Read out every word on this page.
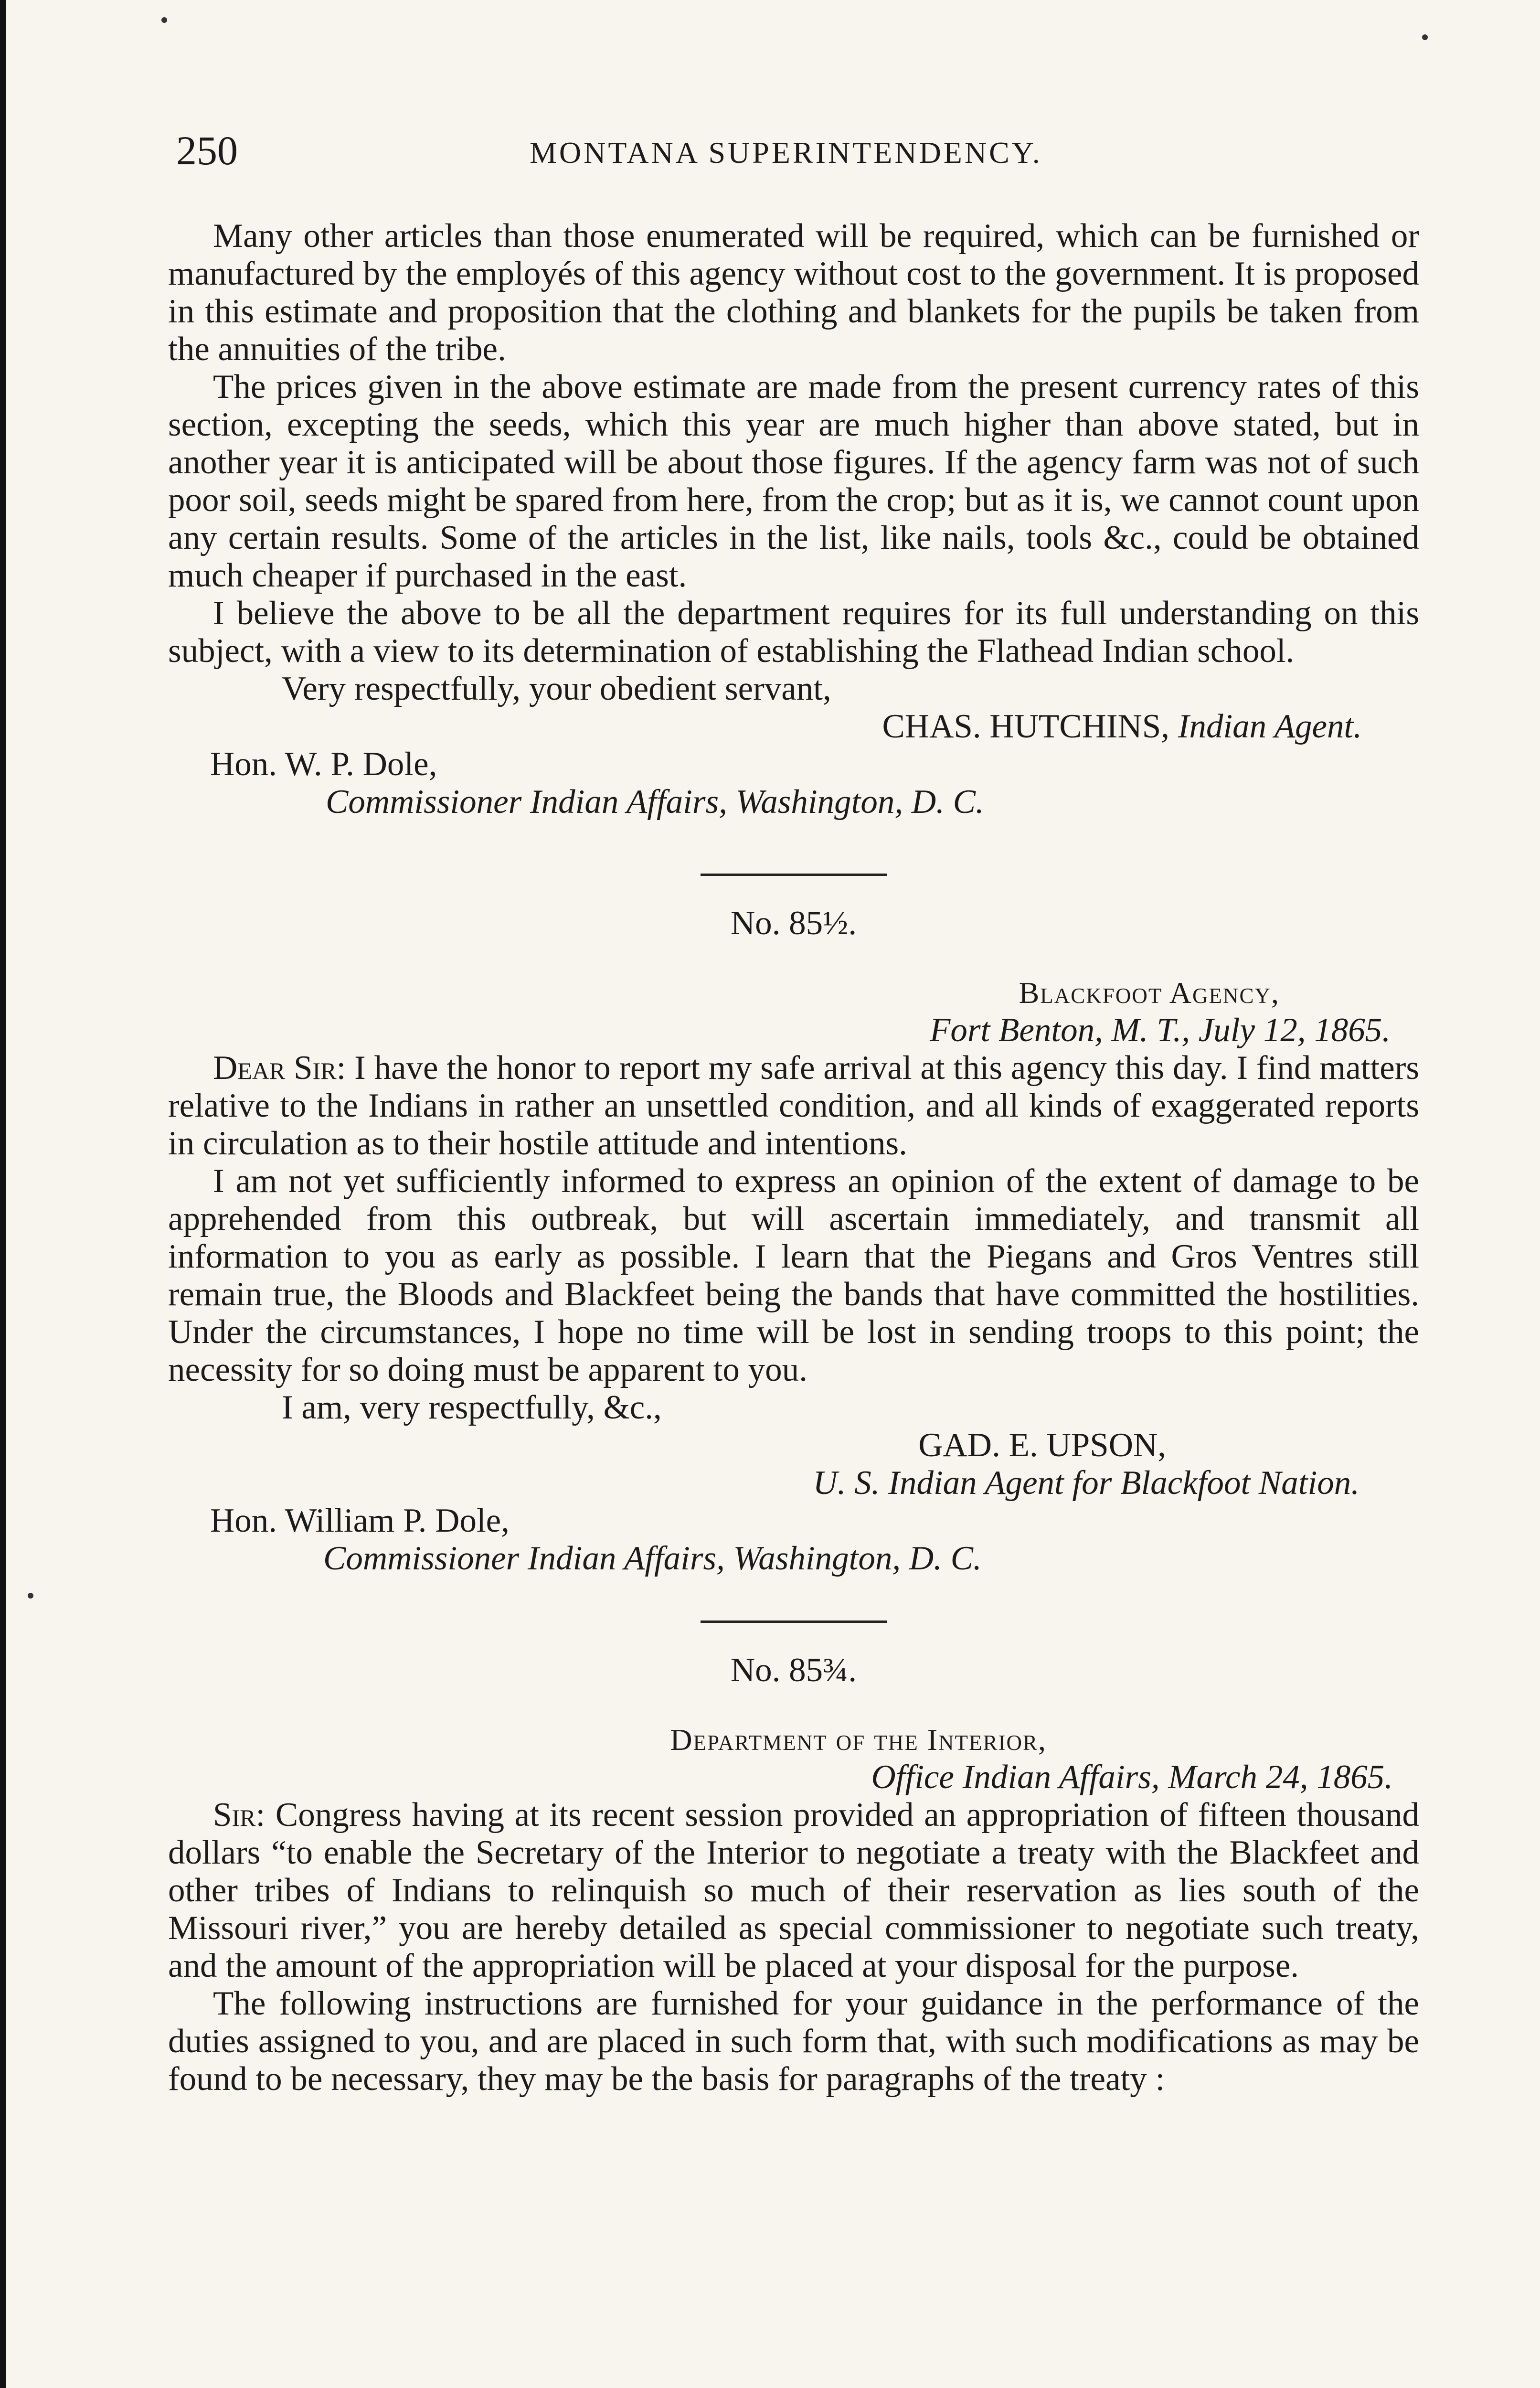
250	MONTANA SUPERINTENDENCY.

Many other articles than those enumerated will be required, which can be furnished or manufactured by the employés of this agency without cost to the government. It is proposed in this estimate and proposition that the clothing and blankets for the pupils be taken from the annuities of the tribe.

The prices given in the above estimate are made from the present currency rates of this section, excepting the seeds, which this year are much higher than above stated, but in another year it is anticipated will be about those figures. If the agency farm was not of such poor soil, seeds might be spared from here, from the crop; but as it is, we cannot count upon any certain results. Some of the articles in the list, like nails, tools &c., could be obtained much cheaper if purchased in the east.

I believe the above to be all the department requires for its full understanding on this subject, with a view to its determination of establishing the Flathead Indian school.

Very respectfully, your obedient servant,
CHAS. HUTCHINS, Indian Agent.
Hon. W. P. Dole,
Commissioner Indian Affairs, Washington, D. C.
No. 85½.
Blackfoot Agency,
Fort Benton, M. T., July 12, 1865.

Dear Sir: I have the honor to report my safe arrival at this agency this day. I find matters relative to the Indians in rather an unsettled condition, and all kinds of exaggerated reports in circulation as to their hostile attitude and intentions.

I am not yet sufficiently informed to express an opinion of the extent of damage to be apprehended from this outbreak, but will ascertain immediately, and transmit all information to you as early as possible. I learn that the Piegans and Gros Ventres still remain true, the Bloods and Blackfeet being the bands that have committed the hostilities. Under the circumstances, I hope no time will be lost in sending troops to this point; the necessity for so doing must be apparent to you.

I am, very respectfully, &c.,
GAD. E. UPSON,
U. S. Indian Agent for Blackfoot Nation.
Hon. William P. Dole,
Commissioner Indian Affairs, Washington, D. C.
No. 85¾.
Department of the Interior,
Office Indian Affairs, March 24, 1865.

Sir: Congress having at its recent session provided an appropriation of fifteen thousand dollars “to enable the Secretary of the Interior to negotiate a treaty with the Blackfeet and other tribes of Indians to relinquish so much of their reservation as lies south of the Missouri river,” you are hereby detailed as special commissioner to negotiate such treaty, and the amount of the appropriation will be placed at your disposal for the purpose.

The following instructions are furnished for your guidance in the performance of the duties assigned to you, and are placed in such form that, with such modifications as may be found to be necessary, they may be the basis for paragraphs of the treaty :
